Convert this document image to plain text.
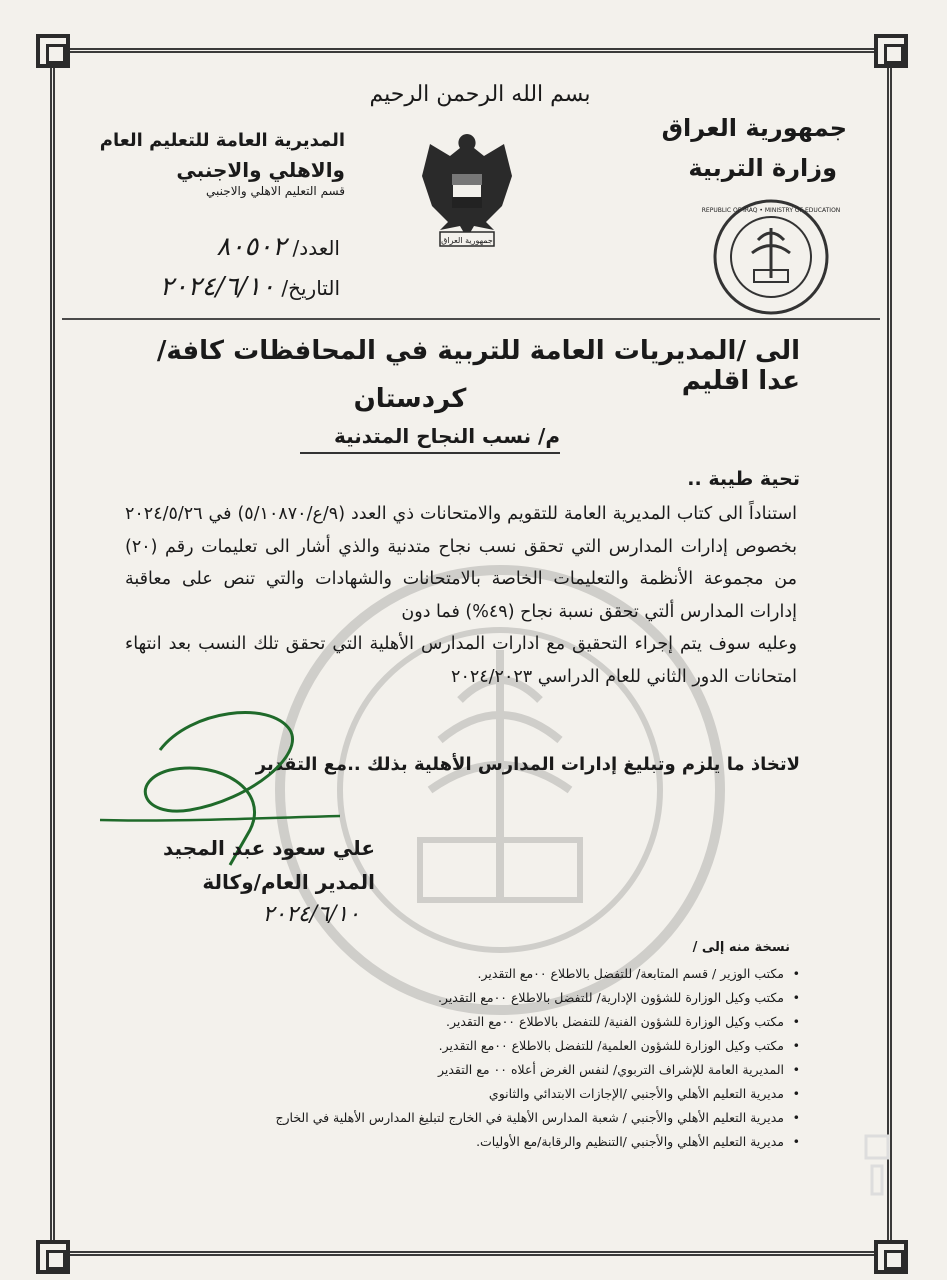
بسم الله الرحمن الرحيم
جمهورية العراق
وزارة التربية
المديرية العامة للتعليم العام
والاهلي والاجنبي
قسم التعليم الاهلي والاجنبي
العدد/ ٨٠٥٠٢
التاريخ/ ٢٠٢٤/٦/١٠
جمهورية العراق
REPUBLIC OF IRAQ • MINISTRY OF EDUCATION
الى /المديريات العامة للتربية في المحافظات كافة/عدا اقليم
كردستان
م/ نسب النجاح المتدنية
تحية طيبة ..

استناداً الى كتاب المديرية العامة للتقويم والامتحانات ذي العدد (٩/ع/٥/١٠٨٧٠) في ٢٠٢٤/٥/٢٦ بخصوص إدارات المدارس التي تحقق نسب نجاح متدنية والذي أشار الى تعليمات رقم (٢٠) من مجموعة الأنظمة والتعليمات الخاصة بالامتحانات والشهادات والتي تنص على معاقبة إدارات المدارس ألتي تحقق نسبة نجاح (٤٩%) فما دون

وعليه سوف يتم إجراء التحقيق مع ادارات المدارس الأهلية التي تحقق تلك النسب بعد انتهاء امتحانات الدور الثاني للعام الدراسي ٢٠٢٤/٢٠٢٣

لاتخاذ ما يلزم وتبليغ إدارات المدارس الأهلية بذلك ..مع التقدير
علي سعود عبد المجيد
المدير العام/وكالة
٢٠٢٤/٦/١٠
نسخة منه إلى /
• مكتب الوزير / قسم المتابعة/ للتفضل بالاطلاع ٠٠مع التقدير.
• مكتب وكيل الوزارة للشؤون الإدارية/ للتفضل بالاطلاع ٠٠مع التقدير.
• مكتب وكيل الوزارة للشؤون الفنية/ للتفضل بالاطلاع ٠٠مع التقدير.
• مكتب وكيل الوزارة للشؤون العلمية/ للتفضل بالاطلاع ٠٠مع التقدير.
• المديرية العامة للإشراف التربوي/ لنفس الغرض أعلاه ٠٠ مع التقدير
• مديرية التعليم الأهلي والأجنبي /الإجازات الابتدائي والثانوي
• مديرية التعليم الأهلي والأجنبي / شعبة المدارس الأهلية في الخارج لتبليغ المدارس الأهلية في الخارج
• مديرية التعليم الأهلي والأجنبي /التنظيم والرقابة/مع الأوليات.
